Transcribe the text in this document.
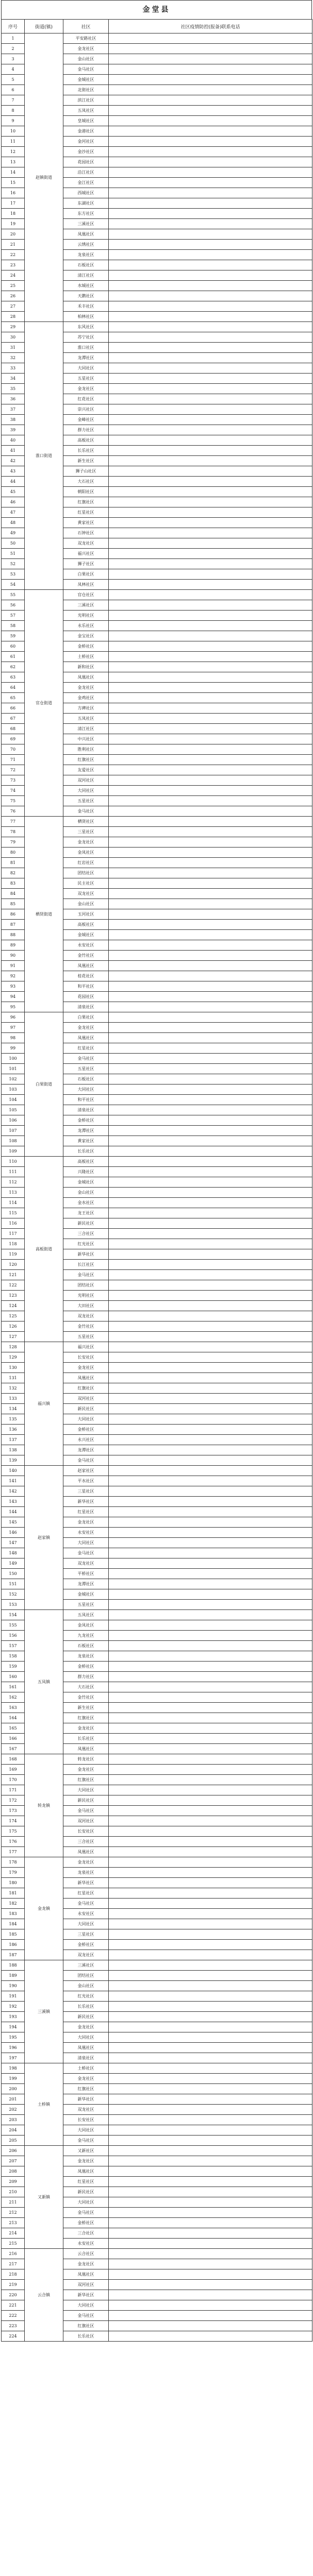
金堂县
序号	街道(镇)	社区	社区疫情防控(报备)联系电话
1	赵镇街道	平安路社区	
2		金龙社区	
3		金山社区	
4		金马社区	
5		金城社区	
6		北街社区	
7		滨江社区	
8		五凤社区	
9		皇城社区	
10		金港社区	
11		金河社区	
12		金沙社区	
13		花园社区	
14		沿江社区	
15		金江社区	
16		西城社区	
17		东湖社区	
18		东方社区	
19		三溪社区	
20		凤凰社区	
21		云绣社区	
22		龙泉社区	
23		石板社区	
24		清江社区	
25		水城社区	
26		天鹅社区	
27		禾丰社区	
28		柏林社区	
29	淮口街道	东风社区	
30		苏宁社区	
31		淮口社区	
32		龙潭社区	
33		大同社区	
34		五星社区	
35		金龙社区	
36		红花社区	
37		崇兴社区	
38		金峰社区	
39		群力社区	
40		高板社区	
41		长乐社区	
42		新生社区	
43		狮子山社区	
44		大石社区	
45		朝阳社区	
46		红旗社区	
47		红星社区	
48		黄家社区	
49		石钟社区	
50		双龙社区	
51		福兴社区	
52		狮子社区	
53		白果社区	
54		凤林社区	
55	官仓街道	官仓社区	
56		三溪社区	
57		光明社区	
58		永乐社区	
59		金宝社区	
60		金桥社区	
61		土桥社区	
62		新和社区	
63		凤凰社区	
64		金龙社区	
65		金鸡社区	
66		方碑社区	
67		五凤社区	
68		清江社区	
69		中兴社区	
70		胜利社区	
71		红旗社区	
72		友爱社区	
73		双河社区	
74		大同社区	
75		五星社区	
76		金马社区	
77	栖贤街道	栖贤社区	
78		三星社区	
79		金龙社区	
80		金凤社区	
81		红岩社区	
82		团结社区	
83		民主社区	
84		双龙社区	
85		金山社区	
86		玉河社区	
87		高板社区	
88		金城社区	
89		永安社区	
90		金竹社区	
91		凤凰社区	
92		桂花社区	
93		和平社区	
94		花园社区	
95		清泉社区	
96	白果街道	白果社区	
97		金龙社区	
98		凤凰社区	
99		红星社区	
100		金马社区	
101		五星社区	
102		石板社区	
103		大同社区	
104		和平社区	
105		清泉社区	
106		金桥社区	
107		龙潭社区	
108		黄家社区	
109		长乐社区	
110	高板街道	高板社区	
111		兴隆社区	
112		金城社区	
113		金山社区	
114		金水社区	
115		龙王社区	
116		新民社区	
117		三合社区	
118		红光社区	
119		新华社区	
120		长江社区	
121		金马社区	
122		团结社区	
123		光明社区	
124		大田社区	
125		双龙社区	
126		金竹社区	
127		五星社区	
128	福兴镇	福兴社区	
129		长安社区	
130		金龙社区	
131		凤凰社区	
132		红旗社区	
133		双河社区	
134		新民社区	
135		大同社区	
136		金桥社区	
137		永兴社区	
138		龙潭社区	
139		金马社区	
140	赵家镇	赵家社区	
141		平水社区	
142		三星社区	
143		新华社区	
144		红星社区	
145		金龙社区	
146		永安社区	
147		大同社区	
148		金马社区	
149		双龙社区	
150		平桥社区	
151		龙潭社区	
152		金城社区	
153		五星社区	
154	五凤镇	五凤社区	
155		金凤社区	
156		九龙社区	
157		石板社区	
158		龙泉社区	
159		金桥社区	
160		群力社区	
161		大石社区	
162		金竹社区	
163		新生社区	
164		红旗社区	
165		金龙社区	
166		长乐社区	
167		凤凰社区	
168	转龙镇	转龙社区	
169		金龙社区	
170		红旗社区	
171		大同社区	
172		新民社区	
173		金马社区	
174		双河社区	
175		长安社区	
176		三合社区	
177		凤凰社区	
178	金龙镇	金龙社区	
179		龙泉社区	
180		新华社区	
181		红星社区	
182		金马社区	
183		永安社区	
184		大同社区	
185		三星社区	
186		金桥社区	
187		双龙社区	
188	三溪镇	三溪社区	
189		团结社区	
190		金山社区	
191		红光社区	
192		长乐社区	
193		新民社区	
194		金龙社区	
195		大同社区	
196		凤凰社区	
197		清泉社区	
198	土桥镇	土桥社区	
199		金龙社区	
200		红旗社区	
201		新华社区	
202		双龙社区	
203		长安社区	
204		大同社区	
205		金马社区	
206	又新镇	又新社区	
207		金龙社区	
208		凤凰社区	
209		红星社区	
210		新民社区	
211		大同社区	
212		金马社区	
213		金桥社区	
214		三合社区	
215		永安社区	
216	云合镇	云合社区	
217		金龙社区	
218		凤凰社区	
219		双河社区	
220		新华社区	
221		大同社区	
222		金马社区	
223		红旗社区	
224		长乐社区	
